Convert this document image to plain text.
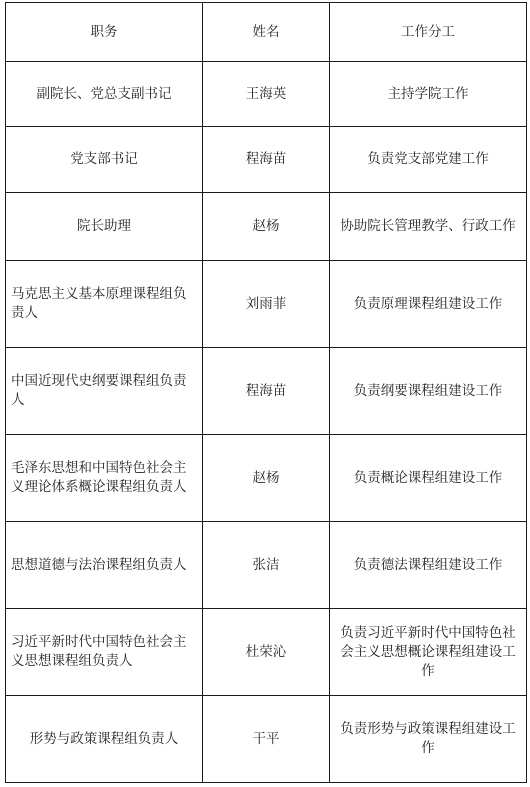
职务	姓名	工作分工
副院长、党总支副书记	王海英	主持学院工作
党支部书记	程海苗	负责党支部党建工作
院长助理	赵杨	协助院长管理教学、行政工作
马克思主义基本原理课程组负责人	刘雨菲	负责原理课程组建设工作
中国近现代史纲要课程组负责人	程海苗	负责纲要课程组建设工作
毛泽东思想和中国特色社会主义理论体系概论课程组负责人	赵杨	负责概论课程组建设工作
思想道德与法治课程组负责人	张洁	负责德法课程组建设工作
习近平新时代中国特色社会主义思想课程组负责人	杜荣沁	负责习近平新时代中国特色社会主义思想概论课程组建设工作
形势与政策课程组负责人	干平	负责形势与政策课程组建设工作
